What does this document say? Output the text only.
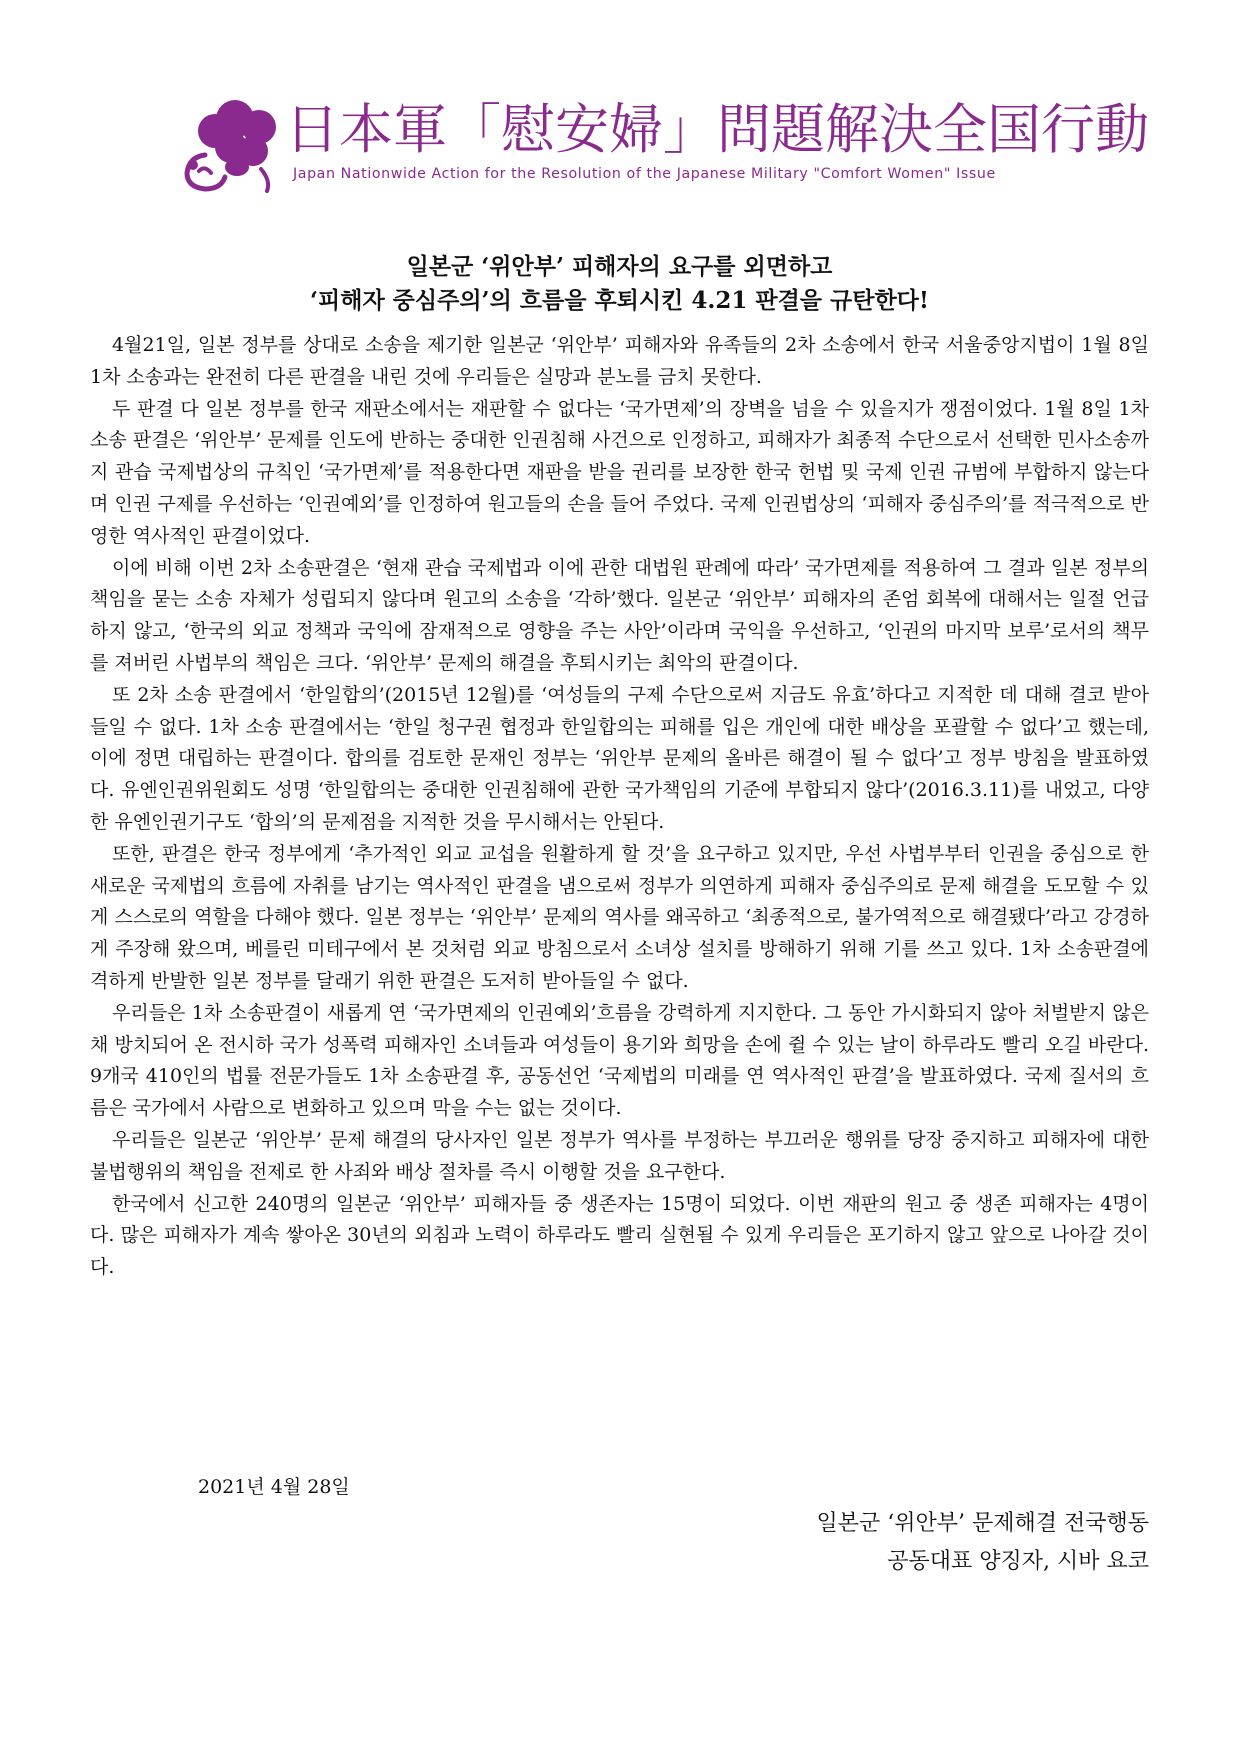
日本軍「慰安婦」問題解決全国行動
Japan Nationwide Action for the Resolution of the Japanese Military "Comfort Women" Issue
일본군 ‘위안부’ 피해자의 요구를 외면하고
‘피해자 중심주의’의 흐름을 후퇴시킨 4.21 판결을 규탄한다!

4월21일, 일본 정부를 상대로 소송을 제기한 일본군 ‘위안부’ 피해자와 유족들의 2차 소송에서 한국 서울중앙지법이 1월 8일 1차 소송과는 완전히 다른 판결을 내린 것에 우리들은 실망과 분노를 금치 못한다.

두 판결 다 일본 정부를 한국 재판소에서는 재판할 수 없다는 ‘국가면제’의 장벽을 넘을 수 있을지가 쟁점이었다. 1월 8일 1차소송 판결은 ‘위안부’ 문제를 인도에 반하는 중대한 인권침해 사건으로 인정하고, 피해자가 최종적 수단으로서 선택한 민사소송까지 관습 국제법상의 규칙인 ‘국가면제’를 적용한다면 재판을 받을 권리를 보장한 한국 헌법 및 국제 인권 규범에 부합하지 않는다며 인권 구제를 우선하는 ‘인권예외’를 인정하여 원고들의 손을 들어 주었다. 국제 인권법상의 ‘피해자 중심주의’를 적극적으로 반영한 역사적인 판결이었다.

이에 비해 이번 2차 소송판결은 ‘현재 관습 국제법과 이에 관한 대법원 판례에 따라’ 국가면제를 적용하여 그 결과 일본 정부의 책임을 묻는 소송 자체가 성립되지 않다며 원고의 소송을 ‘각하’했다. 일본군 ‘위안부’ 피해자의 존엄 회복에 대해서는 일절 언급하지 않고, ‘한국의 외교 정책과 국익에 잠재적으로 영향을 주는 사안’이라며 국익을 우선하고, ‘인권의 마지막 보루’로서의 책무를 져버린 사법부의 책임은 크다. ‘위안부’ 문제의 해결을 후퇴시키는 최악의 판결이다.

또 2차 소송 판결에서 ‘한일합의’(2015년 12월)를 ‘여성들의 구제 수단으로써 지금도 유효’하다고 지적한 데 대해 결코 받아들일 수 없다. 1차 소송 판결에서는 ‘한일 청구권 협정과 한일합의는 피해를 입은 개인에 대한 배상을 포괄할 수 없다’고 했는데, 이에 정면 대립하는 판결이다. 합의를 검토한 문재인 정부는 ‘위안부 문제의 올바른 해결이 될 수 없다’고 정부 방침을 발표하였다. 유엔인권위원회도 성명 ‘한일합의는 중대한 인권침해에 관한 국가책임의 기준에 부합되지 않다’(2016.3.11)를 내었고, 다양한 유엔인권기구도 ‘합의’의 문제점을 지적한 것을 무시해서는 안된다.

또한, 판결은 한국 정부에게 ‘추가적인 외교 교섭을 원활하게 할 것’을 요구하고 있지만, 우선 사법부부터 인권을 중심으로 한 새로운 국제법의 흐름에 자취를 남기는 역사적인 판결을 냄으로써 정부가 의연하게 피해자 중심주의로 문제 해결을 도모할 수 있게 스스로의 역할을 다해야 했다. 일본 정부는 ‘위안부’ 문제의 역사를 왜곡하고 ‘최종적으로, 불가역적으로 해결됐다’라고 강경하게 주장해 왔으며, 베를린 미테구에서 본 것처럼 외교 방침으로서 소녀상 설치를 방해하기 위해 기를 쓰고 있다. 1차 소송판결에 격하게 반발한 일본 정부를 달래기 위한 판결은 도저히 받아들일 수 없다.

우리들은 1차 소송판결이 새롭게 연 ‘국가면제의 인권예외’흐름을 강력하게 지지한다. 그 동안 가시화되지 않아 처벌받지 않은채 방치되어 온 전시하 국가 성폭력 피해자인 소녀들과 여성들이 용기와 희망을 손에 쥘 수 있는 날이 하루라도 빨리 오길 바란다. 9개국 410인의 법률 전문가들도 1차 소송판결 후, 공동선언 ‘국제법의 미래를 연 역사적인 판결’을 발표하였다. 국제 질서의 흐름은 국가에서 사람으로 변화하고 있으며 막을 수는 없는 것이다.

우리들은 일본군 ‘위안부’ 문제 해결의 당사자인 일본 정부가 역사를 부정하는 부끄러운 행위를 당장 중지하고 피해자에 대한 불법행위의 책임을 전제로 한 사죄와 배상 절차를 즉시 이행할 것을 요구한다.

한국에서 신고한 240명의 일본군 ‘위안부’ 피해자들 중 생존자는 15명이 되었다. 이번 재판의 원고 중 생존 피해자는 4명이다. 많은 피해자가 계속 쌓아온 30년의 외침과 노력이 하루라도 빨리 실현될 수 있게 우리들은 포기하지 않고 앞으로 나아갈 것이다.

2021년 4월 28일
일본군 ‘위안부’ 문제해결 전국행동
공동대표 양징자, 시바 요코
